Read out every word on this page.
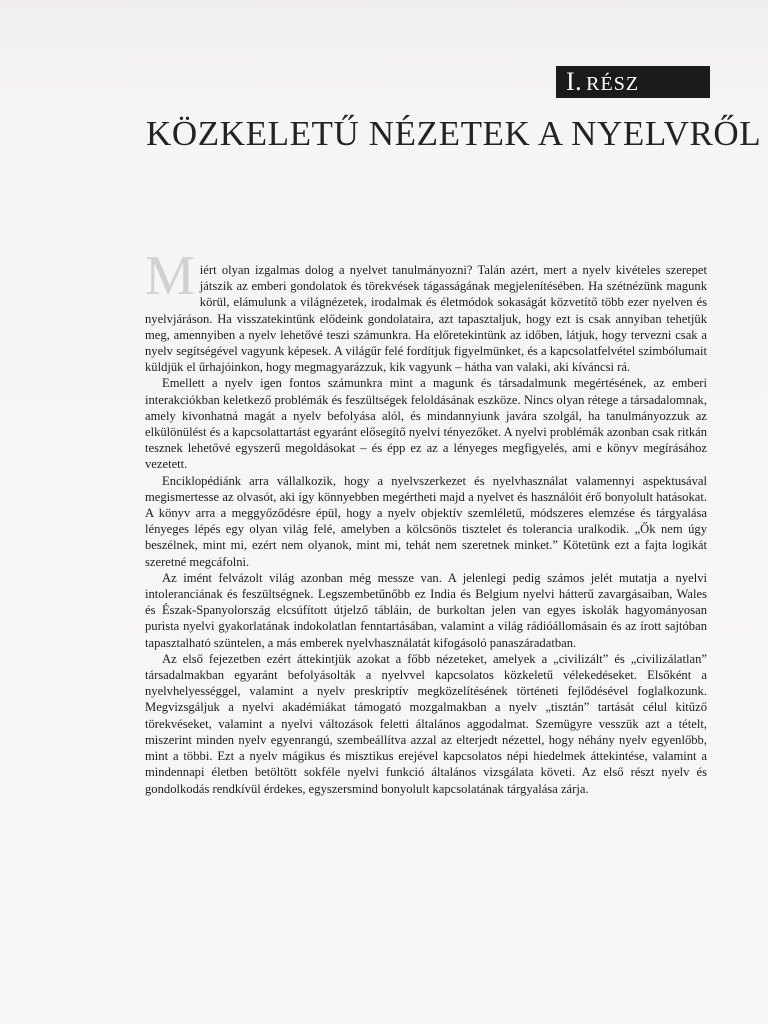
I. RÉSZ
KÖZKELETŰ NÉZETEK A NYELVRŐL

Miért olyan izgalmas dolog a nyelvet tanulmányozni? Talán azért, mert a nyelv kivételes szerepet játszik az emberi gondolatok és törekvések tágasságának megjelenítésében. Ha szétnézünk magunk körül, elámulunk a világnézetek, irodalmak és életmódok sokaságát közvetítő több ezer nyelven és nyelvjáráson. Ha visszatekintünk elődeink gondolataira, azt tapasztaljuk, hogy ezt is csak annyiban tehetjük meg, amennyiben a nyelv lehetővé teszi számunkra. Ha előretekintünk az időben, látjuk, hogy tervezni csak a nyelv segítségével vagyunk képesek. A világűr felé fordítjuk figyelmünket, és a kapcsolatfelvétel szimbólumait küldjük el űrhajóinkon, hogy megmagyarázzuk, kik vagyunk – hátha van valaki, aki kíváncsi rá.

Emellett a nyelv igen fontos számunkra mint a magunk és társadalmunk megértésének, az emberi interakciókban keletkező problémák és feszültségek feloldásának eszköze. Nincs olyan rétege a társadalomnak, amely kivonhatná magát a nyelv befolyása alól, és mindannyiunk javára szolgál, ha tanulmányozzuk az elkülönülést és a kapcsolattartást egyaránt elősegítő nyelvi tényezőket. A nyelvi problémák azonban csak ritkán tesznek lehetővé egyszerű megoldásokat – és épp ez az a lényeges megfigyelés, ami e könyv megírásához vezetett.

Enciklopédiánk arra vállalkozik, hogy a nyelvszerkezet és nyelvhasználat valamennyi aspektusával megismertesse az olvasót, aki így könnyebben megértheti majd a nyelvet és használóit érő bonyolult hatásokat. A könyv arra a meggyőződésre épül, hogy a nyelv objektív szemléletű, módszeres elemzése és tárgyalása lényeges lépés egy olyan világ felé, amelyben a kölcsönös tisztelet és tolerancia uralkodik. „Ők nem úgy beszélnek, mint mi, ezért nem olyanok, mint mi, tehát nem szeretnek minket.” Kötetünk ezt a fajta logikát szeretné megcáfolni.

Az imént felvázolt világ azonban még messze van. A jelenlegi pedig számos jelét mutatja a nyelvi intoleranciának és feszültségnek. Legszembetűnőbb ez India és Belgium nyelvi hátterű zavargásaiban, Wales és Észak-Spanyolország elcsúfított útjelző tábláin, de burkoltan jelen van egyes iskolák hagyományosan purista nyelvi gyakorlatának indokolatlan fenntartásában, valamint a világ rádióállomásain és az írott sajtóban tapasztalható szüntelen, a más emberek nyelvhasználatát kifogásoló panaszáradatban.

Az első fejezetben ezért áttekintjük azokat a főbb nézeteket, amelyek a „civilizált” és „civilizálatlan” társadalmakban egyaránt befolyásolták a nyelvvel kapcsolatos közkeletű vélekedéseket. Elsőként a nyelvhelyességgel, valamint a nyelv preskriptív megközelítésének történeti fejlődésével foglalkozunk. Megvizsgáljuk a nyelvi akadémiákat támogató mozgalmakban a nyelv „tisztán” tartását célul kitűző törekvéseket, valamint a nyelvi változások feletti általános aggodalmat. Szemügyre vesszük azt a tételt, miszerint minden nyelv egyenrangú, szembeállítva azzal az elterjedt nézettel, hogy néhány nyelv egyenlőbb, mint a többi. Ezt a nyelv mágikus és misztikus erejével kapcsolatos népi hiedelmek áttekintése, valamint a mindennapi életben betöltött sokféle nyelvi funkció általános vizsgálata követi. Az első részt nyelv és gondolkodás rendkívül érdekes, egyszersmind bonyolult kapcsolatának tárgyalása zárja.
